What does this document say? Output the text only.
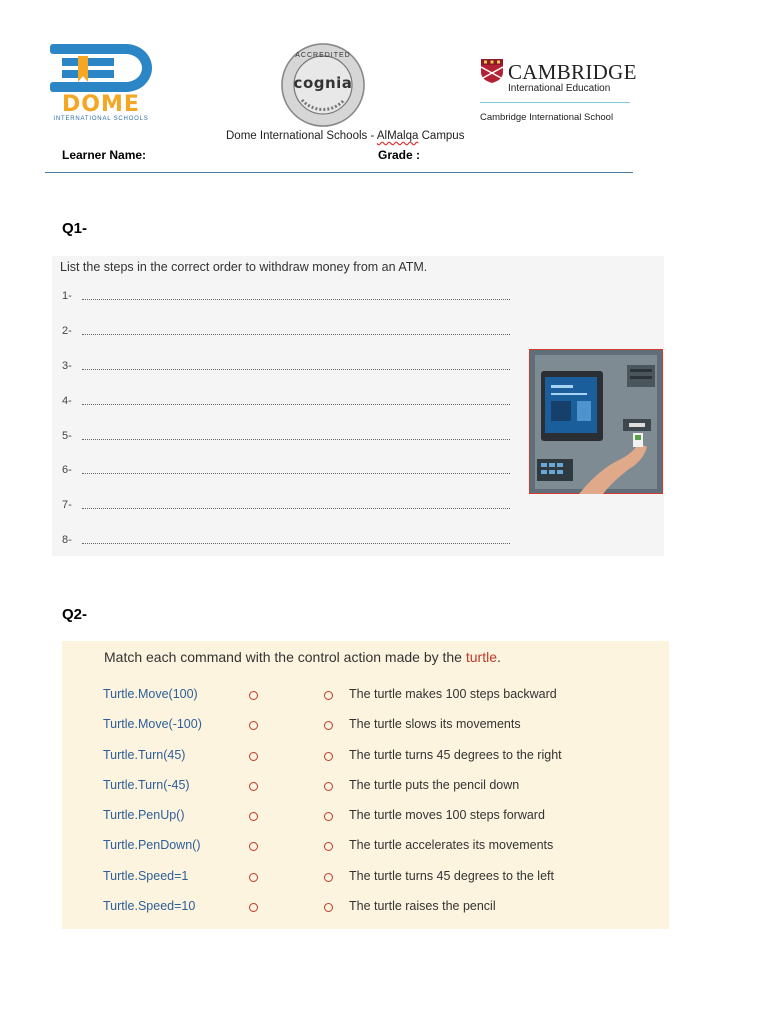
DOME
INTERNATIONAL SCHOOLS
ACCREDITED
cognia	CAMBRIDGE
International Education
Cambridge International School
Dome International Schools - AlMalqa Campus
Learner Name:	Grade :
Q1-
List the steps in the correct order to withdraw money from an ATM.
1-
2-
3-
4-
5-
6-
7-
8-
Q2-
Match each command with the control action made by the turtle.
Turtle.Move(100)	The turtle makes 100 steps backward
Turtle.Move(-100)	The turtle slows its movements
Turtle.Turn(45)	The turtle turns 45 degrees to the right
Turtle.Turn(-45)	The turtle puts the pencil down
Turtle.PenUp()	The turtle moves 100 steps forward
Turtle.PenDown()	The turtle accelerates its movements
Turtle.Speed=1	The turtle turns 45 degrees to the left
Turtle.Speed=10	The turtle raises the pencil
